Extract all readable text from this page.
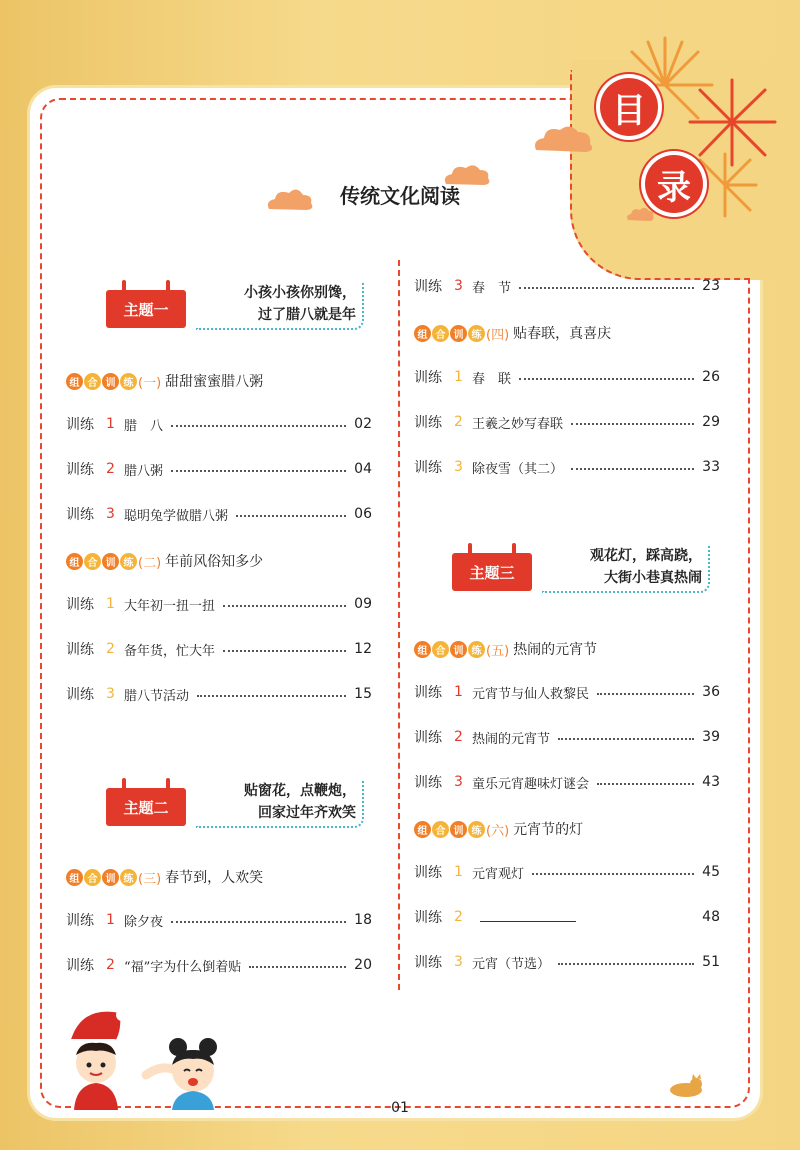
目
录
传统文化阅读
主题一
小孩小孩你别馋，
过了腊八就是年
组 合 训 练 (一) 甜甜蜜蜜腊八粥
训练 1 腊　八	02
训练 2 腊八粥	04
训练 3 聪明兔学做腊八粥	06
组 合 训 练 (二) 年前风俗知多少
训练 1 大年初一扭一扭	09
训练 2 备年货，忙大年	12
训练 3 腊八节活动	15
主题二
贴窗花，点鞭炮，
回家过年齐欢笑
组 合 训 练 (三) 春节到，人欢笑
训练 1 除夕夜	18
训练 2 “福”字为什么倒着贴	20
训练 3 春　节	23
组 合 训 练 (四) 贴春联，真喜庆
训练 1 春　联	26
训练 2 王羲之妙写春联	29
训练 3 除夜雪（其二）	33
主题三
观花灯，踩高跷，
大街小巷真热闹
组 合 训 练 (五) 热闹的元宵节
训练 1 元宵节与仙人救黎民	36
训练 2 热闹的元宵节	39
训练 3 童乐元宵趣味灯谜会	43
组 合 训 练 (六) 元宵节的灯
训练 1 元宵观灯	45
训练 2	48
训练 3 元宵（节选）	51
01
